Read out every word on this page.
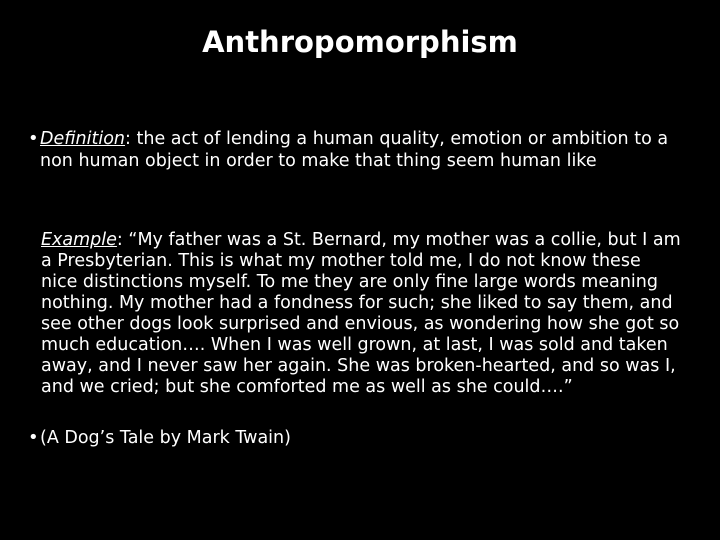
Anthropomorphism
• Definition: the act of lending a human quality, emotion or ambition to a non human object in order to make that thing seem human like
Example: “My father was a St. Bernard, my mother was a collie, but I am a Presbyterian. This is what my mother told me, I do not know these nice distinctions myself. To me they are only fine large words meaning nothing. My mother had a fondness for such; she liked to say them, and see other dogs look surprised and envious, as wondering how she got so much education…. When I was well grown, at last, I was sold and taken away, and I never saw her again. She was broken-hearted, and so was I, and we cried; but she comforted me as well as she could….”
• (A Dog’s Tale by Mark Twain)
